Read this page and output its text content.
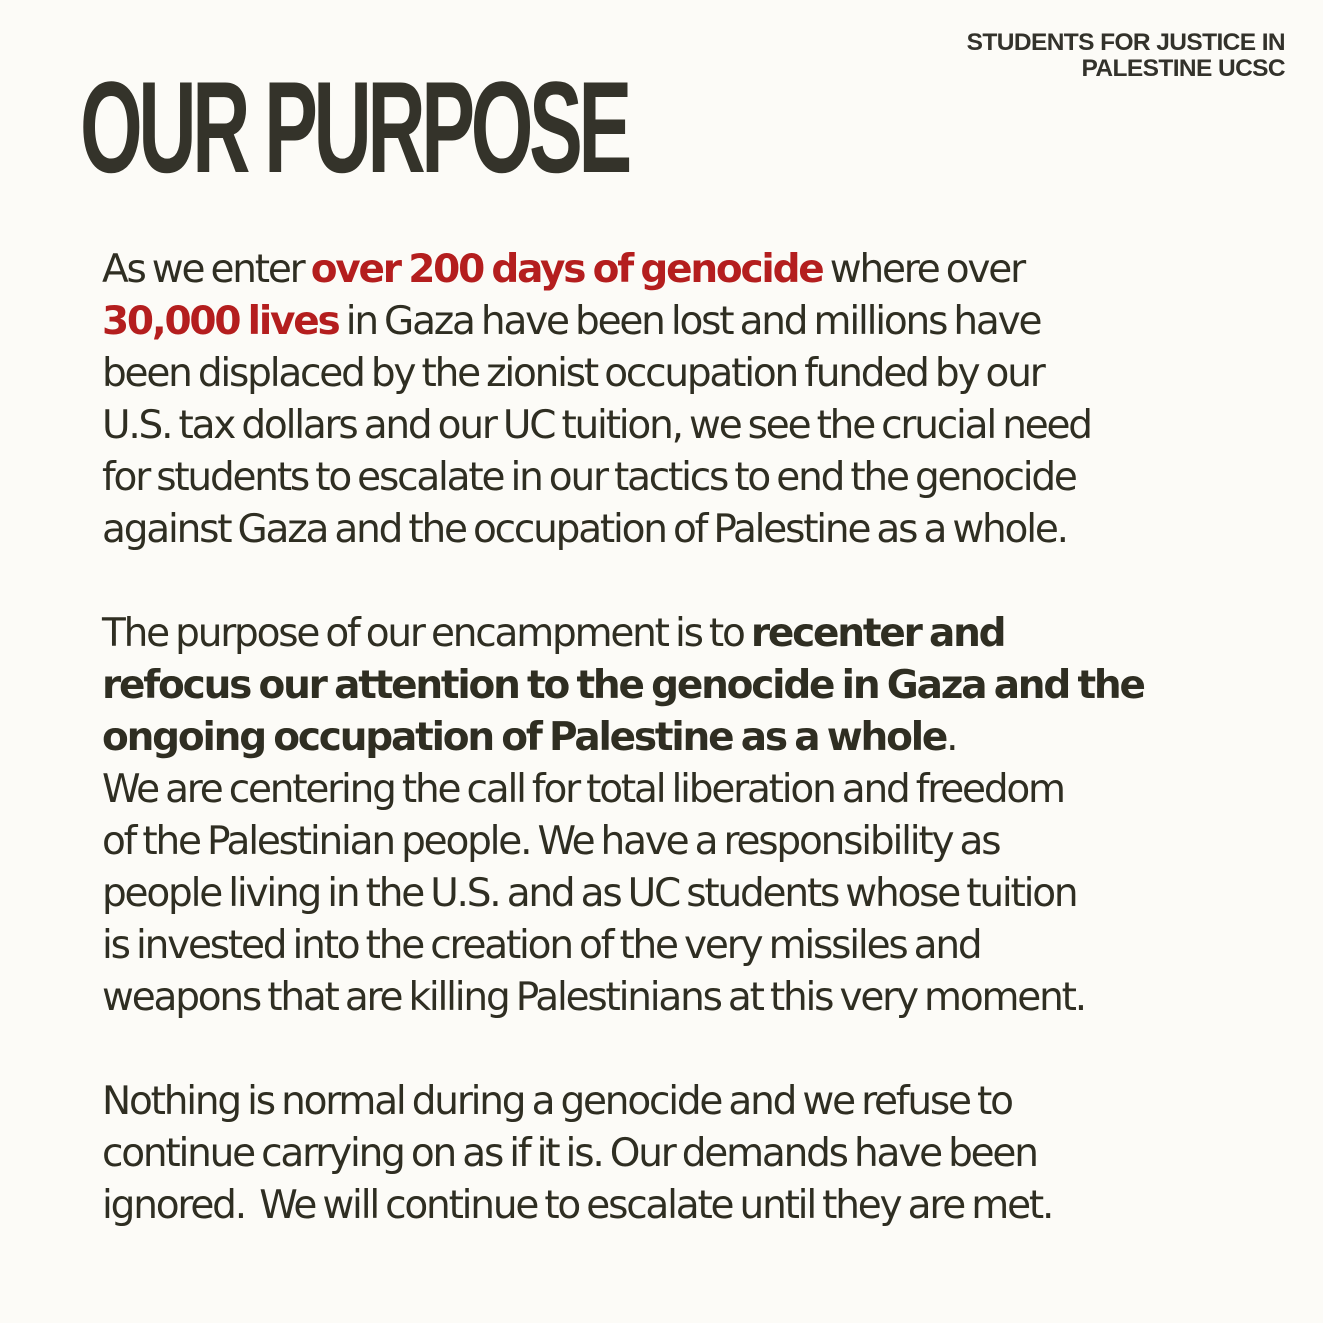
STUDENTS FOR JUSTICE IN
PALESTINE UCSC
OUR PURPOSE

As we enter over 200 days of genocide where over
30,000 lives in Gaza have been lost and millions have
been displaced by the zionist occupation funded by our
U.S. tax dollars and our UC tuition, we see the crucial need
for students to escalate in our tactics to end the genocide
against Gaza and the occupation of Palestine as a whole.

The purpose of our encampment is to recenter and
refocus our attention to the genocide in Gaza and the
ongoing occupation of Palestine as a whole.
We are centering the call for total liberation and freedom
of the Palestinian people. We have a responsibility as
people living in the U.S. and as UC students whose tuition
is invested into the creation of the very missiles and
weapons that are killing Palestinians at this very moment.

Nothing is normal during a genocide and we refuse to
continue carrying on as if it is. Our demands have been
ignored.  We will continue to escalate until they are met.
